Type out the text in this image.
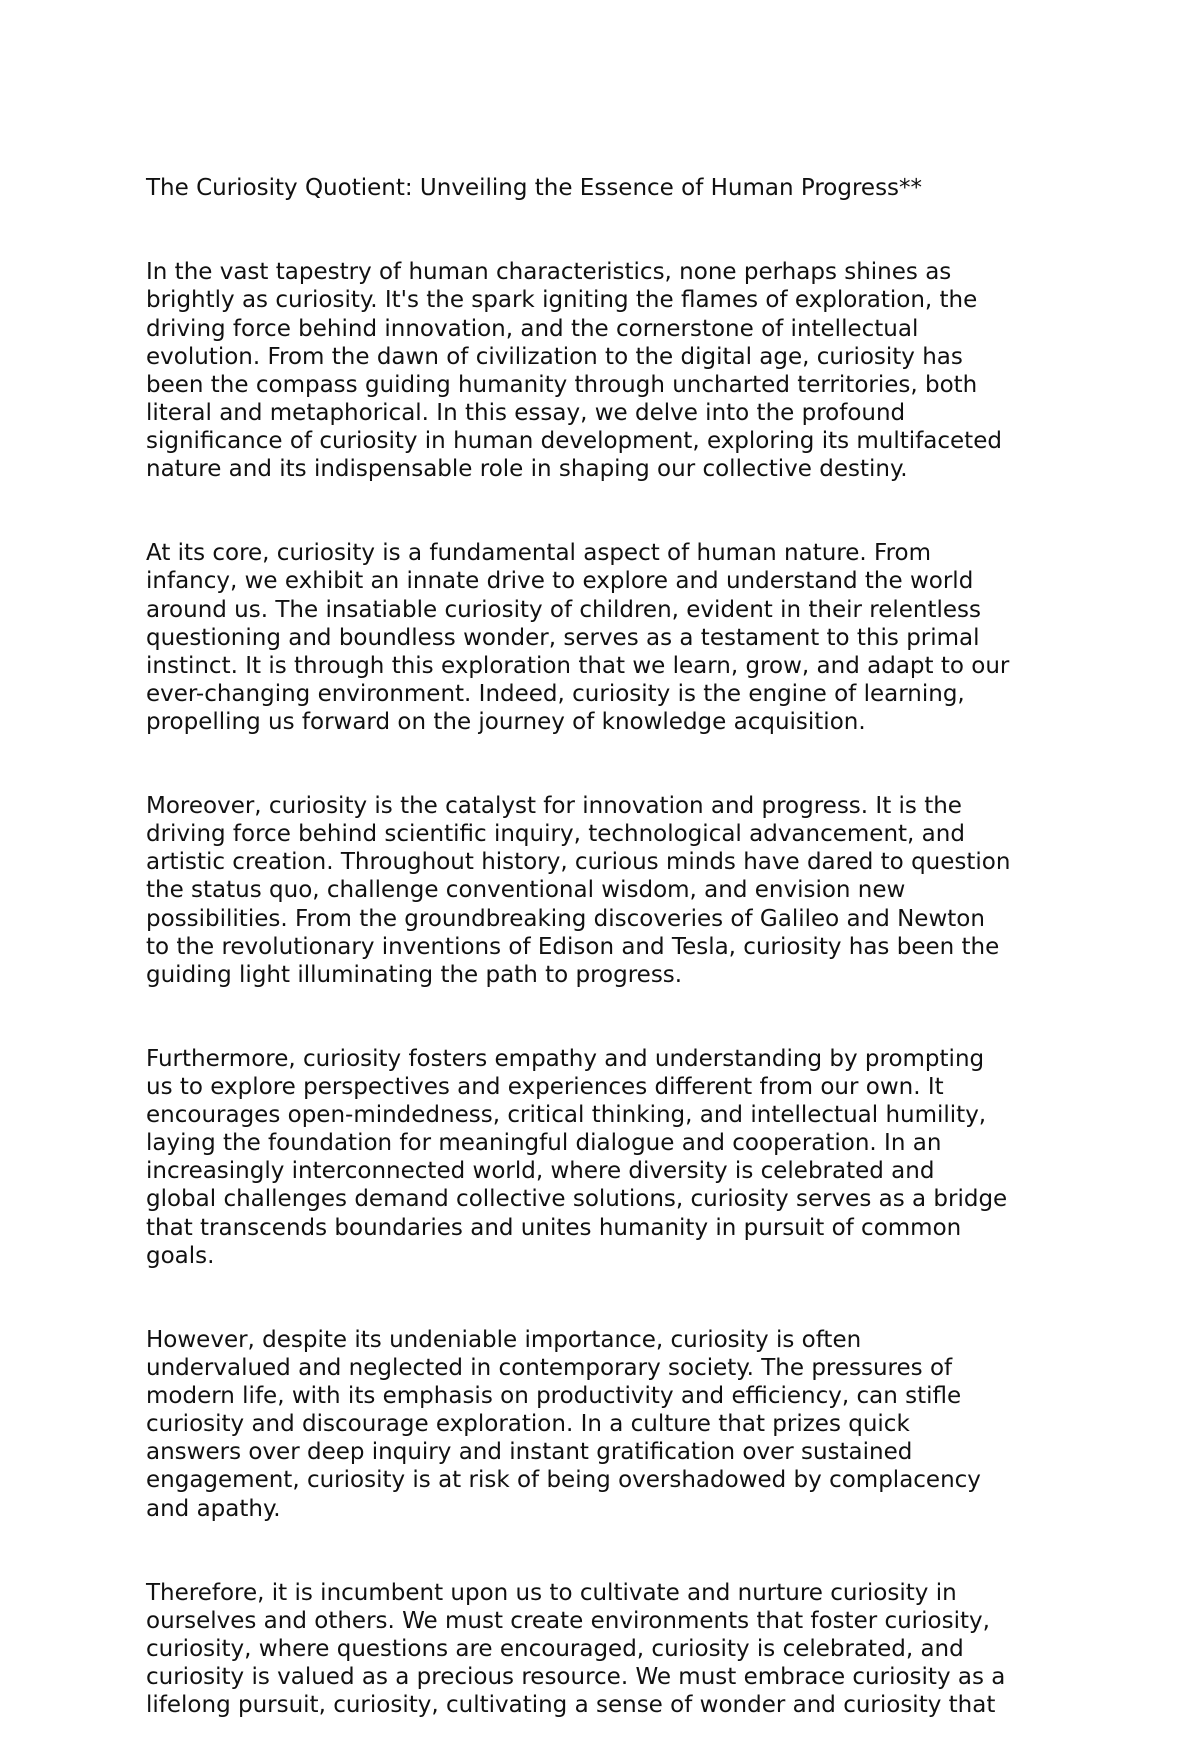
The Curiosity Quotient: Unveiling the Essence of Human Progress**

In the vast tapestry of human characteristics, none perhaps shines as
brightly as curiosity. It's the spark igniting the flames of exploration, the
driving force behind innovation, and the cornerstone of intellectual
evolution. From the dawn of civilization to the digital age, curiosity has
been the compass guiding humanity through uncharted territories, both
literal and metaphorical. In this essay, we delve into the profound
significance of curiosity in human development, exploring its multifaceted
nature and its indispensable role in shaping our collective destiny.

At its core, curiosity is a fundamental aspect of human nature. From
infancy, we exhibit an innate drive to explore and understand the world
around us. The insatiable curiosity of children, evident in their relentless
questioning and boundless wonder, serves as a testament to this primal
instinct. It is through this exploration that we learn, grow, and adapt to our
ever-changing environment. Indeed, curiosity is the engine of learning,
propelling us forward on the journey of knowledge acquisition.

Moreover, curiosity is the catalyst for innovation and progress. It is the
driving force behind scientific inquiry, technological advancement, and
artistic creation. Throughout history, curious minds have dared to question
the status quo, challenge conventional wisdom, and envision new
possibilities. From the groundbreaking discoveries of Galileo and Newton
to the revolutionary inventions of Edison and Tesla, curiosity has been the
guiding light illuminating the path to progress.

Furthermore, curiosity fosters empathy and understanding by prompting
us to explore perspectives and experiences different from our own. It
encourages open-mindedness, critical thinking, and intellectual humility,
laying the foundation for meaningful dialogue and cooperation. In an
increasingly interconnected world, where diversity is celebrated and
global challenges demand collective solutions, curiosity serves as a bridge
that transcends boundaries and unites humanity in pursuit of common
goals.

However, despite its undeniable importance, curiosity is often
undervalued and neglected in contemporary society. The pressures of
modern life, with its emphasis on productivity and efficiency, can stifle
curiosity and discourage exploration. In a culture that prizes quick
answers over deep inquiry and instant gratification over sustained
engagement, curiosity is at risk of being overshadowed by complacency
and apathy.

Therefore, it is incumbent upon us to cultivate and nurture curiosity in
ourselves and others. We must create environments that foster curiosity,
curiosity, where questions are encouraged, curiosity is celebrated, and
curiosity is valued as a precious resource. We must embrace curiosity as a
lifelong pursuit, curiosity, cultivating a sense of wonder and curiosity that
